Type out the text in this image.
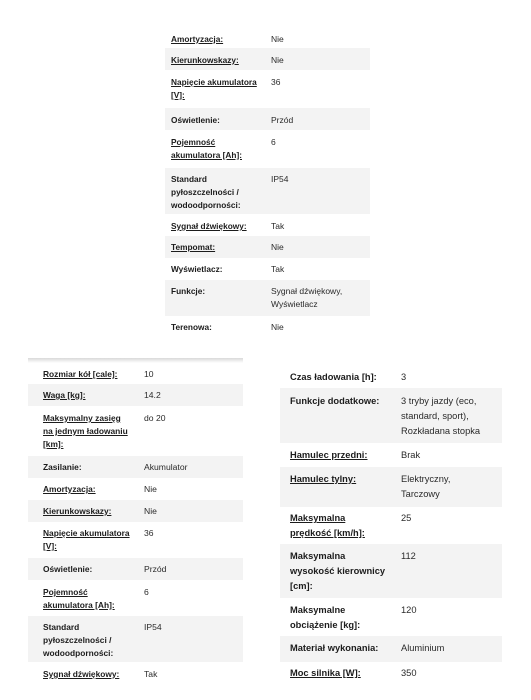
Amortyzacja:	Nie
Kierunkowskazy:	Nie
Napięcie akumulatora
[V]:
36
Oświetlenie:	Przód
Pojemność
akumulatora [Ah]:
6
Standard
pyłoszczelności /
wodoodporności:
IP54
Sygnał dźwiękowy:	Tak
Tempomat:	Nie
Wyświetlacz:	Tak
Funkcje:	Sygnał dźwiękowy,
Wyświetlacz
Terenowa:	Nie
Rozmiar kół [cale]:	10
Waga [kg]:	14.2
Maksymalny zasięg
na jednym ładowaniu
[km]:
do 20
Zasilanie:	Akumulator
Amortyzacja:	Nie
Kierunkowskazy:	Nie
Napięcie akumulatora
[V]:
36
Oświetlenie:	Przód
Pojemność
akumulatora [Ah]:
6
Standard
pyłoszczelności /
wodoodporności:
IP54
Sygnał dźwiękowy:	Tak
Czas ładowania [h]:	3
Funkcje dodatkowe:	3 tryby jazdy (eco,
standard, sport),
Rozkładana stopka
Hamulec przedni:	Brak
Hamulec tylny:	Elektryczny,
Tarczowy
Maksymalna
prędkość [km/h]:
25
Maksymalna
wysokość kierownicy
[cm]:
112
Maksymalne
obciążenie [kg]:
120
Materiał wykonania:	Aluminium
Moc silnika [W]:	350
